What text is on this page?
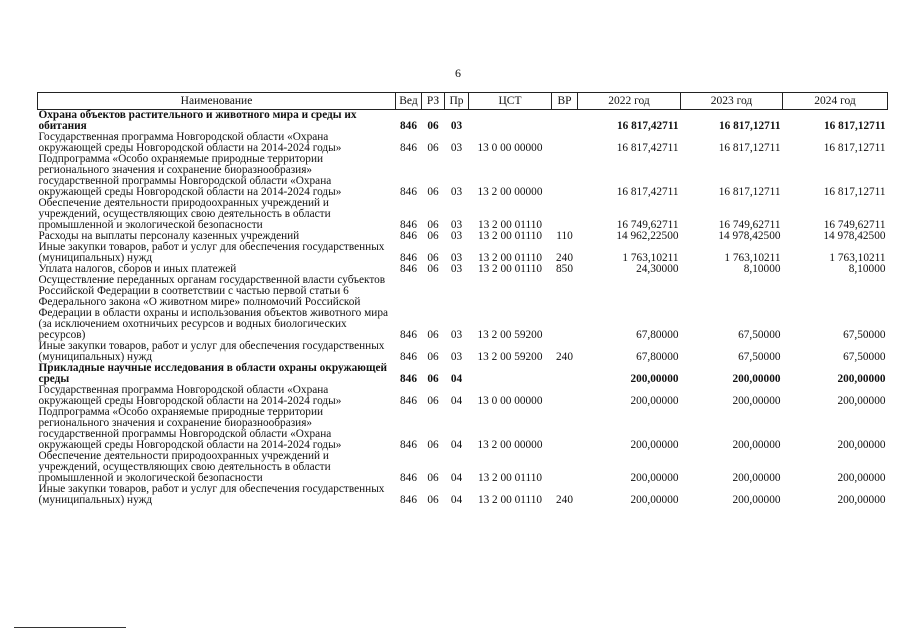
6
Наименование	Вед	РЗ	Пр	ЦСТ	ВР	2022 год	2023 год	2024 год
Охрана объектов растительного и животного мира и среды их обитания	846	06	03			16 817,42711	16 817,12711	16 817,12711
Государственная программа Новгородской области «Охрана окружающей среды Новгородской области на 2014-2024 годы»	846	06	03	13 0 00 00000		16 817,42711	16 817,12711	16 817,12711
Подпрограмма «Особо охраняемые природные территории регионального значения и сохранение биоразнообразия» государственной программы Новгородской области «Охрана окружающей среды Новгородской области на 2014-2024 годы»	846	06	03	13 2 00 00000		16 817,42711	16 817,12711	16 817,12711
Обеспечение деятельности природоохранных учреждений и учреждений, осуществляющих свою деятельность в области промышленной и экологической безопасности	846	06	03	13 2 00 01110		16 749,62711	16 749,62711	16 749,62711
Расходы на выплаты персоналу казенных учреждений	846	06	03	13 2 00 01110	110	14 962,22500	14 978,42500	14 978,42500
Иные закупки товаров, работ и услуг для обеспечения государственных (муниципальных) нужд	846	06	03	13 2 00 01110	240	1 763,10211	1 763,10211	1 763,10211
Уплата налогов, сборов и иных платежей	846	06	03	13 2 00 01110	850	24,30000	8,10000	8,10000
Осуществление переданных органам государственной власти субъектов Российской Федерации в соответствии с частью первой статьи 6 Федерального закона «О животном мире» полномочий Российской Федерации в области охраны и использования объектов животного мира (за исключением охотничьих ресурсов и водных биологических ресурсов)	846	06	03	13 2 00 59200		67,80000	67,50000	67,50000
Иные закупки товаров, работ и услуг для обеспечения государственных (муниципальных) нужд	846	06	03	13 2 00 59200	240	67,80000	67,50000	67,50000
Прикладные научные исследования в области охраны окружающей среды	846	06	04			200,00000	200,00000	200,00000
Государственная программа Новгородской области «Охрана окружающей среды Новгородской области на 2014-2024 годы»	846	06	04	13 0 00 00000		200,00000	200,00000	200,00000
Подпрограмма «Особо охраняемые природные территории регионального значения и сохранение биоразнообразия» государственной программы Новгородской области «Охрана окружающей среды Новгородской области на 2014-2024 годы»	846	06	04	13 2 00 00000		200,00000	200,00000	200,00000
Обеспечение деятельности природоохранных учреждений и учреждений, осуществляющих свою деятельность в области промышленной и экологической безопасности	846	06	04	13 2 00 01110		200,00000	200,00000	200,00000
Иные закупки товаров, работ и услуг для обеспечения государственных (муниципальных) нужд	846	06	04	13 2 00 01110	240	200,00000	200,00000	200,00000
